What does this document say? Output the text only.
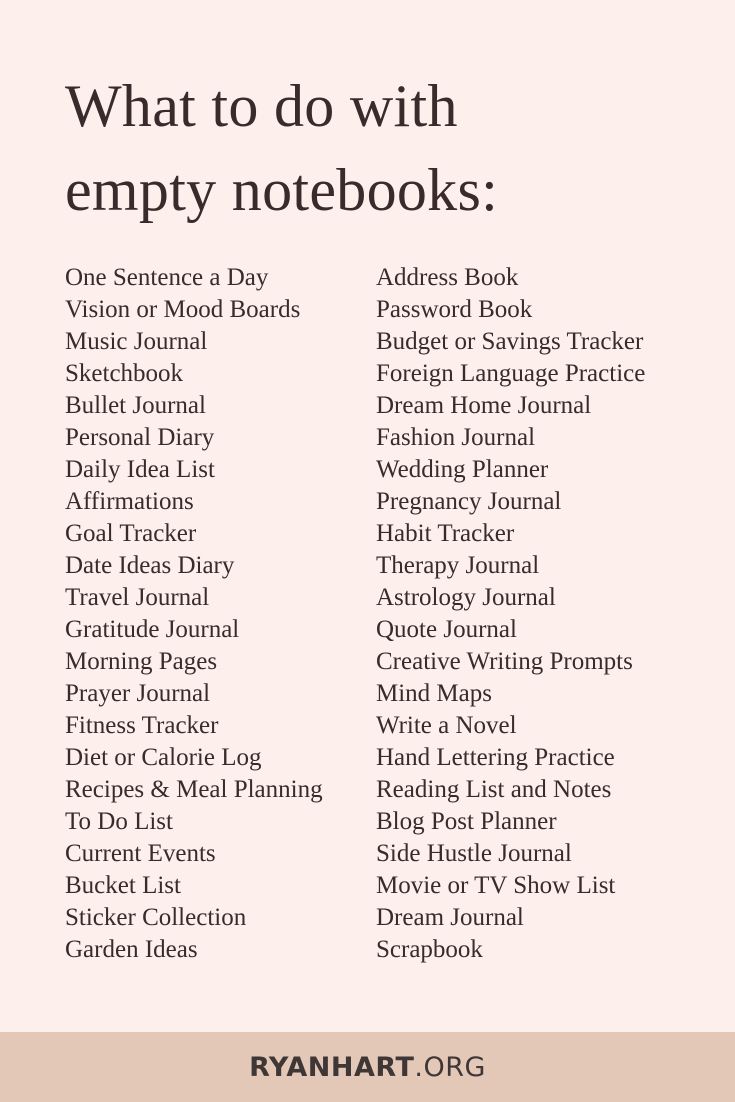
What to do with
empty notebooks:
One Sentence a Day
Vision or Mood Boards
Music Journal
Sketchbook
Bullet Journal
Personal Diary
Daily Idea List
Affirmations
Goal Tracker
Date Ideas Diary
Travel Journal
Gratitude Journal
Morning Pages
Prayer Journal
Fitness Tracker
Diet or Calorie Log
Recipes & Meal Planning
To Do List
Current Events
Bucket List
Sticker Collection
Garden Ideas
Address Book
Password Book
Budget or Savings Tracker
Foreign Language Practice
Dream Home Journal
Fashion Journal
Wedding Planner
Pregnancy Journal
Habit Tracker
Therapy Journal
Astrology Journal
Quote Journal
Creative Writing Prompts
Mind Maps
Write a Novel
Hand Lettering Practice
Reading List and Notes
Blog Post Planner
Side Hustle Journal
Movie or TV Show List
Dream Journal
Scrapbook
RYANHART .ORG
